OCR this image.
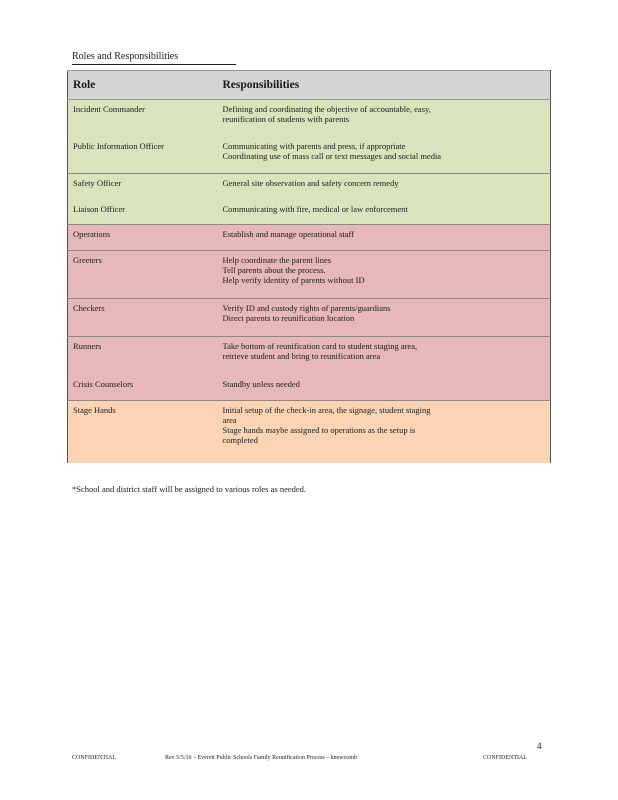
Roles and Responsibilities
Role	Responsibilities
Incident Commander	Defining and coordinating the objective of accountable, easy,
reunification of students with parents

Public Information Officer	Communicating with parents and press, if appropriate
Coordinating use of mass call or text messages and social media

Safety Officer	General site observation and safety concern remedy

Liaison Officer	Communicating with fire, medical or law enforcement

Operations	Establish and manage operational staff

Greeters	Help coordinate the parent lines
Tell parents about the process.
Help verify identity of parents without ID

Checkers	Verify ID and custody rights of parents/guardians
Direct parents to reunification location

Runners	Take bottom of reunification card to student staging area,
retrieve student and bring to reunification area

Crisis Counselors	Standby unless needed

Stage Hands	Initial setup of the check-in area, the signage, student staging
area
Stage hands maybe assigned to operations as the setup is
completed
*School and district staff will be assigned to various roles as needed.
4
CONFIDENTIAL	Rev 5/5/16 – Everett Public Schools Family Reunification Process – knewcomb	CONFIDENTIAL
